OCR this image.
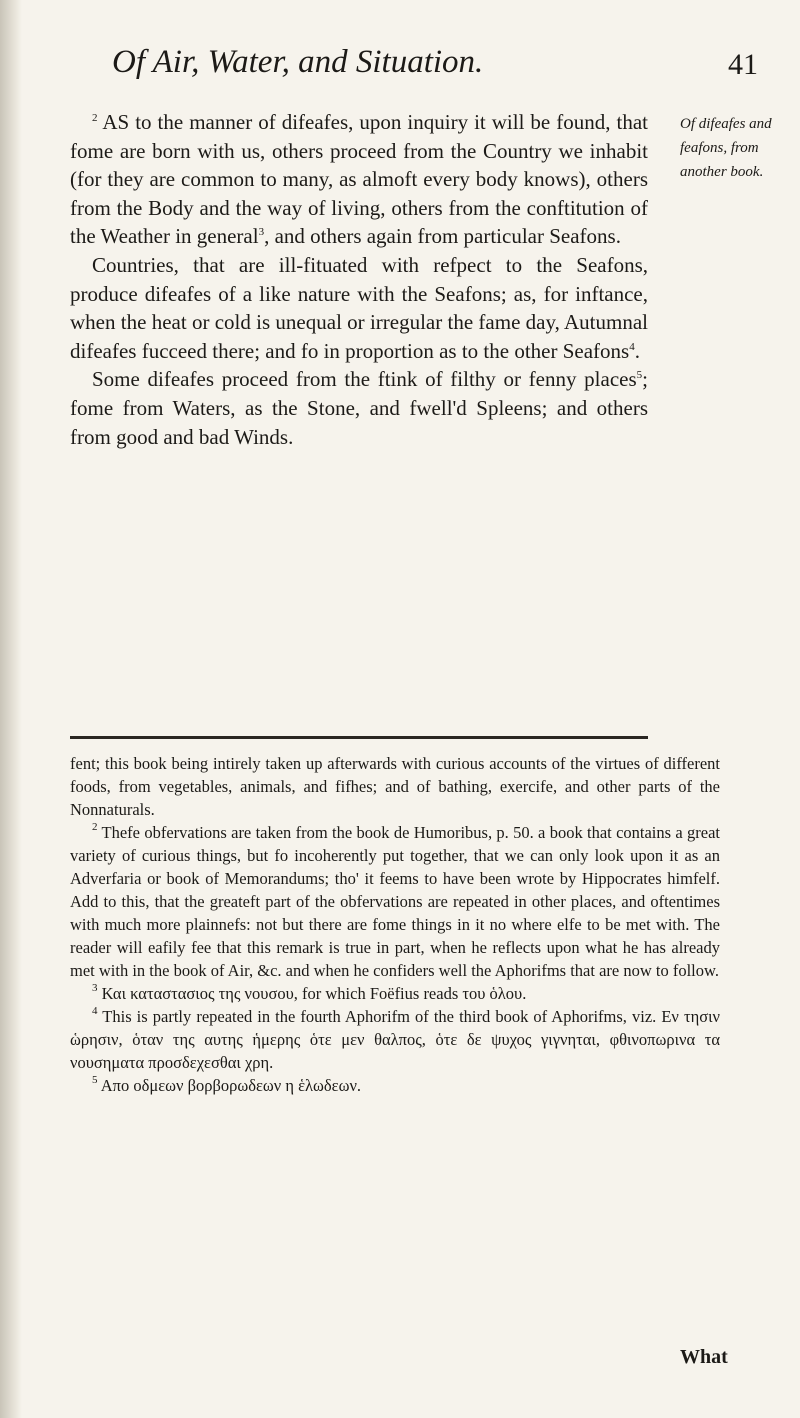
Of Air, Water, and Situation.	41

$^2$ AS to the manner of difeafes, upon inquiry it will be found, that fome are born with us, others proceed from the Country we inhabit (for they are common to many, as almoft every body knows), others from the Body and the way of living, others from the conftitution of the Weather in general$^3$, and others again from particular Seafons.

Countries, that are ill-fituated with refpect to the Seafons, produce difeafes of a like nature with the Seafons; as, for inftance, when the heat or cold is unequal or irregular the fame day, Autumnal difeafes fucceed there; and fo in proportion as to the other Seafons$^4$.

Some difeafes proceed from the ftink of filthy or fenny places$^5$; fome from Waters, as the Stone, and fwell'd Spleens; and others from good and bad Winds.

Of difeafes and feafons, from another book.

fent; this book being intirely taken up afterwards with curious accounts of the virtues of different foods, from vegetables, animals, and fifhes; and of bathing, exercife, and other parts of the Nonnaturals.

$^2$ Thefe obfervations are taken from the book de Humoribus, p. 50. a book that contains a great variety of curious things, but fo incoherently put together, that we can only look upon it as an Adverfaria or book of Memorandums; tho' it feems to have been wrote by Hippocrates himfelf. Add to this, that the greateft part of the obfervations are repeated in other places, and oftentimes with much more plainnefs: not but there are fome things in it no where elfe to be met with. The reader will eafily fee that this remark is true in part, when he reflects upon what he has already met with in the book of Air, &c. and when he confiders well the Aphorifms that are now to follow.

$^3$ Και καταστασιος της νουσου, for which Foëfius reads του ὁλου.

$^4$ This is partly repeated in the fourth Aphorifm of the third book of Aphorifms, viz. Εν τησιν ὡρησιν, ὁταν της αυτης ἡμερης ὁτε μεν θαλπος, ὁτε δε ψυχος γιγνηται, φθινοπωρινα τα νουσηματα προσδεχεσθαι χρη.

$^5$ Απο οδμεων βορβορωδεων η ἑλωδεων.

What
